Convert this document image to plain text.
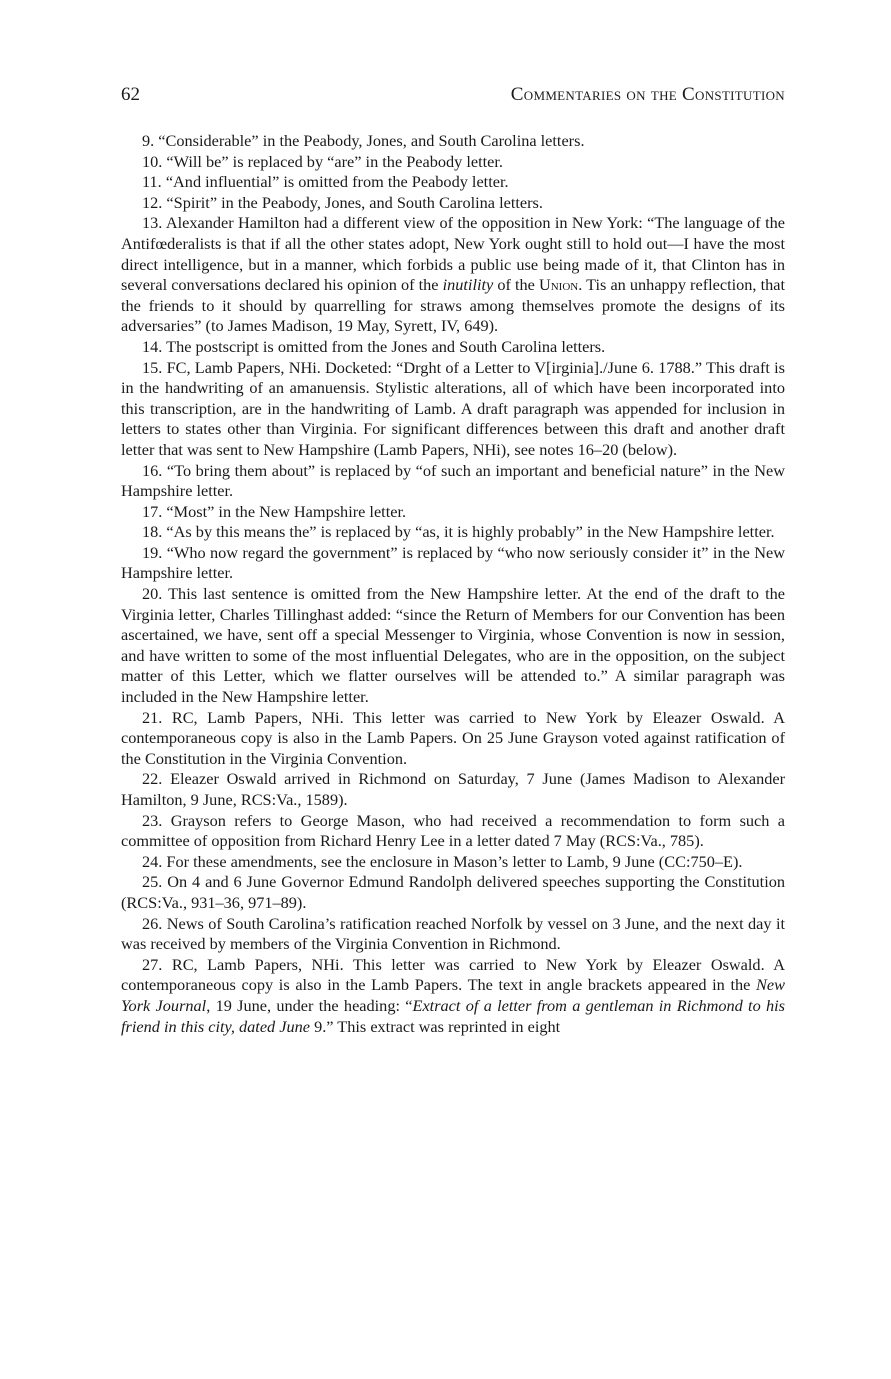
62	Commentaries on the Constitution

9. “Considerable” in the Peabody, Jones, and South Carolina letters.

10. “Will be” is replaced by “are” in the Peabody letter.

11. “And influential” is omitted from the Peabody letter.

12. “Spirit” in the Peabody, Jones, and South Carolina letters.

13. Alexander Hamilton had a different view of the opposition in New York: “The language of the Antifœderalists is that if all the other states adopt, New York ought still to hold out—I have the most direct intelligence, but in a manner, which forbids a public use being made of it, that Clinton has in several conversations declared his opinion of the inutility of the Union. Tis an unhappy reflection, that the friends to it should by quarrelling for straws among themselves promote the designs of its adversaries” (to James Madison, 19 May, Syrett, IV, 649).

14. The postscript is omitted from the Jones and South Carolina letters.

15. FC, Lamb Papers, NHi. Docketed: “Drght of a Letter to V[irginia]./June 6. 1788.” This draft is in the handwriting of an amanuensis. Stylistic alterations, all of which have been incorporated into this transcription, are in the handwriting of Lamb. A draft paragraph was appended for inclusion in letters to states other than Virginia. For significant differences between this draft and another draft letter that was sent to New Hampshire (Lamb Papers, NHi), see notes 16–20 (below).

16. “To bring them about” is replaced by “of such an important and beneficial nature” in the New Hampshire letter.

17. “Most” in the New Hampshire letter.

18. “As by this means the” is replaced by “as, it is highly probably” in the New Hampshire letter.

19. “Who now regard the government” is replaced by “who now seriously consider it” in the New Hampshire letter.

20. This last sentence is omitted from the New Hampshire letter. At the end of the draft to the Virginia letter, Charles Tillinghast added: “since the Return of Members for our Convention has been ascertained, we have, sent off a special Messenger to Virginia, whose Convention is now in session, and have written to some of the most influential Delegates, who are in the opposition, on the subject matter of this Letter, which we flatter ourselves will be attended to.” A similar paragraph was included in the New Hampshire letter.

21. RC, Lamb Papers, NHi. This letter was carried to New York by Eleazer Oswald. A contemporaneous copy is also in the Lamb Papers. On 25 June Grayson voted against ratification of the Constitution in the Virginia Convention.

22. Eleazer Oswald arrived in Richmond on Saturday, 7 June (James Madison to Alexander Hamilton, 9 June, RCS:Va., 1589).

23. Grayson refers to George Mason, who had received a recommendation to form such a committee of opposition from Richard Henry Lee in a letter dated 7 May (RCS:Va., 785).

24. For these amendments, see the enclosure in Mason’s letter to Lamb, 9 June (CC:750–E).

25. On 4 and 6 June Governor Edmund Randolph delivered speeches supporting the Constitution (RCS:Va., 931–36, 971–89).

26. News of South Carolina’s ratification reached Norfolk by vessel on 3 June, and the next day it was received by members of the Virginia Convention in Richmond.

27. RC, Lamb Papers, NHi. This letter was carried to New York by Eleazer Oswald. A contemporaneous copy is also in the Lamb Papers. The text in angle brackets appeared in the New York Journal, 19 June, under the heading: “Extract of a letter from a gentleman in Richmond to his friend in this city, dated June 9.” This extract was reprinted in eight
